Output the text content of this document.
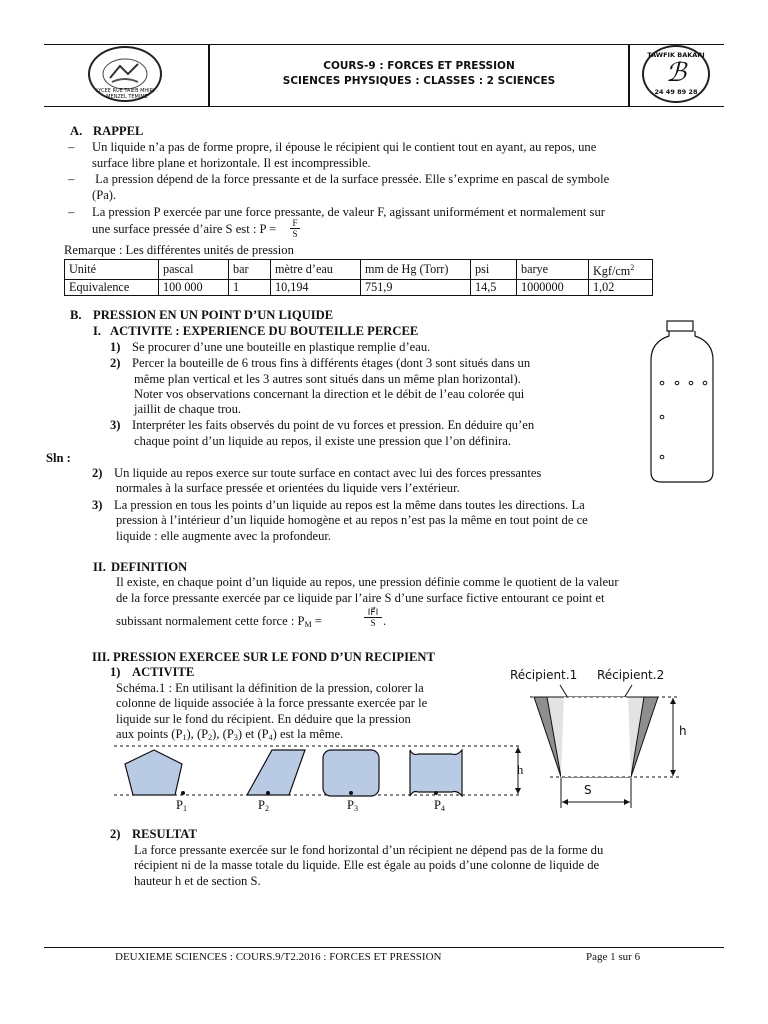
LYCEE RUE TAIEB MHIRI · MENZEL TEMIME
COURS-9 : FORCES ET PRESSION
SCIENCES PHYSIQUES : CLASSES : 2 SCIENCES
TAWFIK BAKARI
ℬ
24 49 89 28
A. RAPPEL
– Un liquide n’a pas de forme propre, il épouse le récipient qui le contient tout en ayant, au repos, une
surface libre plane et horizontale. Il est incompressible.
– La pression dépend de la force pressante et de la surface pressée. Elle s’exprime en pascal de symbole
(Pa).
– La pression P exercée par une force pressante, de valeur F, agissant uniformément et normalement sur
une surface pressée d’aire S est : $P = \frac{F}{S}$
Remarque : Les différentes unités de pression
Unité	pascal	bar	mètre d’eau	mm de Hg (Torr)	psi	barye	Kgf/$cm^2$
Equivalence	100 000	1	10,194	751,9	14,5	1000000	1,02
B. PRESSION EN UN POINT D’UN LIQUIDE
I. ACTIVITE : EXPERIENCE DU BOUTEILLE PERCEE
1) Se procurer d’une une bouteille en plastique remplie d’eau.
2) Percer la bouteille de 6 trous fins à différents étages (dont 3 sont situés dans un
même plan vertical et les 3 autres sont situés dans un même plan horizontal).
Noter vos observations concernant la direction et le débit de l’eau colorée qui
jaillit de chaque trou.
3) Interpréter les faits observés du point de vu forces et pression. En déduire qu’en
chaque point d’un liquide au repos, il existe une pression que l’on définira.
Sln :
2) Un liquide au repos exerce sur toute surface en contact avec lui des forces pressantes
normales à la surface pressée et orientées du liquide vers l’extérieur.
3) La pression en tous les points d’un liquide au repos est la même dans toutes les directions. La
pression à l’intérieur d’un liquide homogène et au repos n’est pas la même en tout point de ce
liquide : elle augmente avec la profondeur.
II. DEFINITION
Il existe, en chaque point d’un liquide au repos, une pression définie comme le quotient de la valeur
de la force pressante exercée par ce liquide par l’aire S d’une surface fictive entourant ce point et
subissant normalement cette force : $P_M$ =	$\frac{‖F⃗‖}{S}$ .
III. PRESSION EXERCEE SUR LE FOND D’UN RECIPIENT
1) ACTIVITE
Schéma.1 : En utilisant la définition de la pression, colorer la
colonne de liquide associée à la force pressante exercée par le
liquide sur le fond du récipient. En déduire que la pression
aux points $(P_1)$, $(P_2)$, $(P_3)$ et $(P_4)$ est la même.
h
$P_1$	$P_2$	$P_3$	$P_4$
Récipient.1 Récipient.2
h
S
2) RESULTAT
La force pressante exercée sur le fond horizontal d’un récipient ne dépend pas de la forme du
récipient ni de la masse totale du liquide. Elle est égale au poids d’une colonne de liquide de
hauteur h et de section S.
DEUXIEME SCIENCES : COURS.9/T2.2016 : FORCES ET PRESSION	Page 1 sur 6
